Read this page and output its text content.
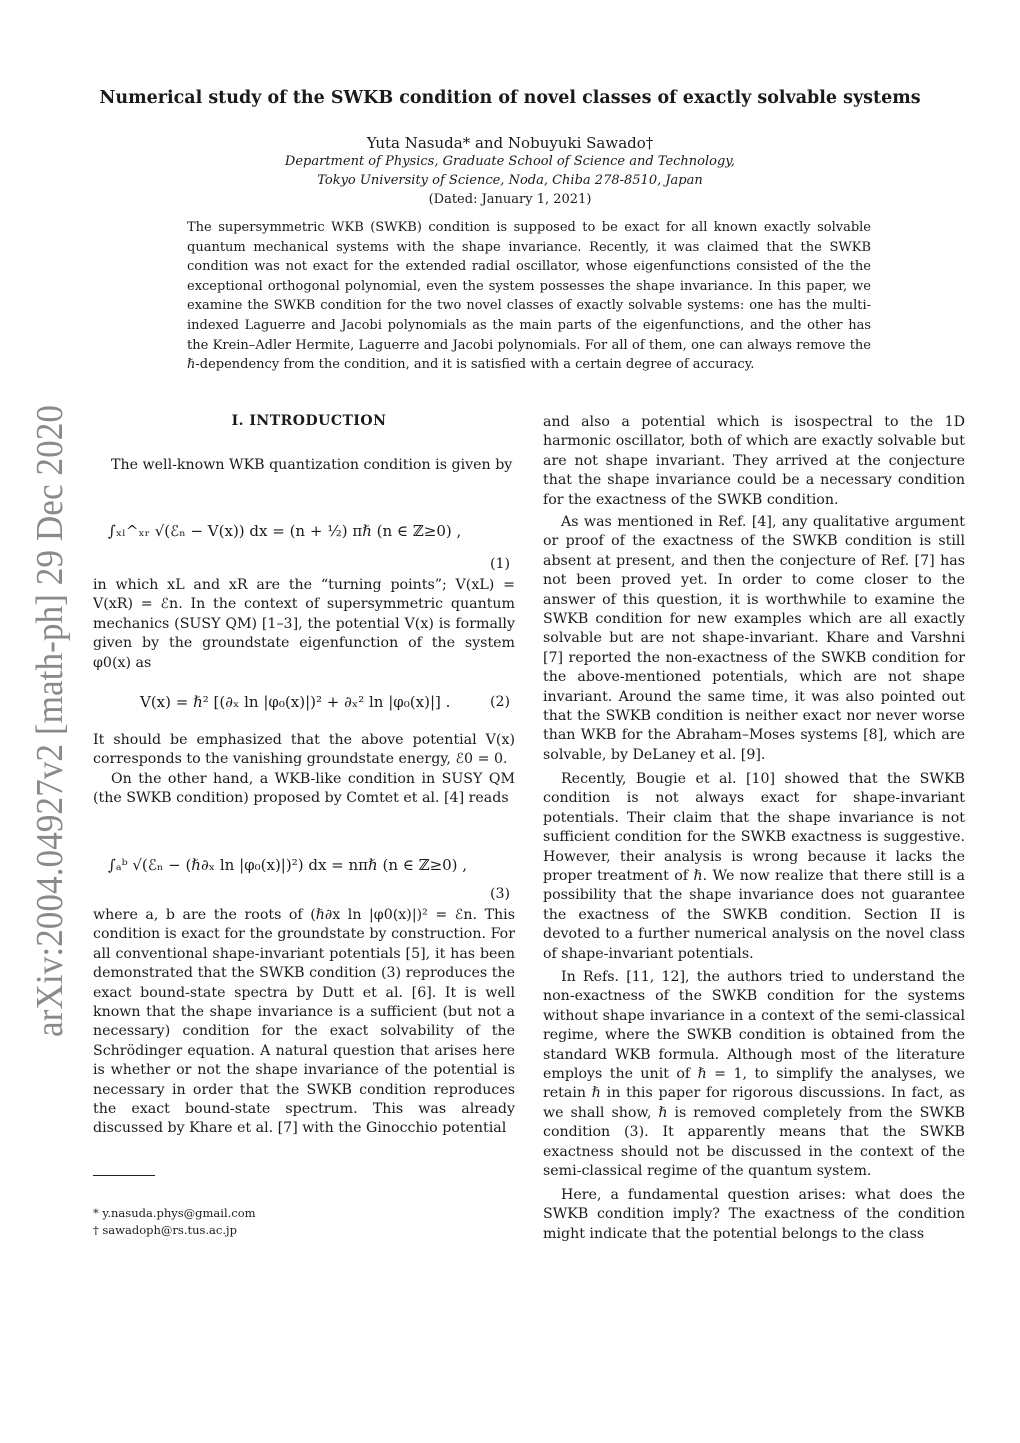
Numerical study of the SWKB condition of novel classes of exactly solvable systems
Yuta Nasuda* and Nobuyuki Sawado†
Department of Physics, Graduate School of Science and Technology,
Tokyo University of Science, Noda, Chiba 278-8510, Japan
(Dated: January 1, 2021)
The supersymmetric WKB (SWKB) condition is supposed to be exact for all known exactly solvable quantum mechanical systems with the shape invariance. Recently, it was claimed that the SWKB condition was not exact for the extended radial oscillator, whose eigenfunctions consisted of the the exceptional orthogonal polynomial, even the system possesses the shape invariance. In this paper, we examine the SWKB condition for the two novel classes of exactly solvable systems: one has the multi-indexed Laguerre and Jacobi polynomials as the main parts of the eigenfunctions, and the other has the Krein–Adler Hermite, Laguerre and Jacobi polynomials. For all of them, one can always remove the ℏ-dependency from the condition, and it is satisfied with a certain degree of accuracy.
arXiv:2004.04927v2 [math-ph] 29 Dec 2020	I. INTRODUCTION
The well-known WKB quantization condition is given by
∫ₓₗ^ₓᵣ √(ℰₙ − V(x)) dx = (n + ½) πℏ (n ∈ ℤ≥0) ,
(1)
in which xL and xR are the “turning points”; V(xL) = V(xR) = ℰn. In the context of supersymmetric quantum mechanics (SUSY QM) [1–3], the potential V(x) is formally given by the groundstate eigenfunction of the system φ0(x) as
V(x) = ℏ² [(∂ₓ ln |φ₀(x)|)² + ∂ₓ² ln |φ₀(x)|] .	(2)
It should be emphasized that the above potential V(x) corresponds to the vanishing groundstate energy, ℰ0 = 0.
On the other hand, a WKB-like condition in SUSY QM (the SWKB condition) proposed by Comtet et al. [4] reads
∫ₐᵇ √(ℰₙ − (ℏ∂ₓ ln |φ₀(x)|)²) dx = nπℏ (n ∈ ℤ≥0) ,
(3)
where a, b are the roots of (ℏ∂x ln |φ0(x)|)² = ℰn. This condition is exact for the groundstate by construction. For all conventional shape-invariant potentials [5], it has been demonstrated that the SWKB condition (3) reproduces the exact bound-state spectra by Dutt et al. [6]. It is well known that the shape invariance is a sufficient (but not a necessary) condition for the exact solvability of the Schrödinger equation. A natural question that arises here is whether or not the shape invariance of the potential is necessary in order that the SWKB condition reproduces the exact bound-state spectrum. This was already discussed by Khare et al. [7] with the Ginocchio potential
* y.nasuda.phys@gmail.com
† sawadoph@rs.tus.ac.jp
and also a potential which is isospectral to the 1D harmonic oscillator, both of which are exactly solvable but are not shape invariant. They arrived at the conjecture that the shape invariance could be a necessary condition for the exactness of the SWKB condition.
As was mentioned in Ref. [4], any qualitative argument or proof of the exactness of the SWKB condition is still absent at present, and then the conjecture of Ref. [7] has not been proved yet. In order to come closer to the answer of this question, it is worthwhile to examine the SWKB condition for new examples which are all exactly solvable but are not shape-invariant. Khare and Varshni [7] reported the non-exactness of the SWKB condition for the above-mentioned potentials, which are not shape invariant. Around the same time, it was also pointed out that the SWKB condition is neither exact nor never worse than WKB for the Abraham–Moses systems [8], which are solvable, by DeLaney et al. [9].
Recently, Bougie et al. [10] showed that the SWKB condition is not always exact for shape-invariant potentials. Their claim that the shape invariance is not sufficient condition for the SWKB exactness is suggestive. However, their analysis is wrong because it lacks the proper treatment of ℏ. We now realize that there still is a possibility that the shape invariance does not guarantee the exactness of the SWKB condition. Section II is devoted to a further numerical analysis on the novel class of shape-invariant potentials.
In Refs. [11, 12], the authors tried to understand the non-exactness of the SWKB condition for the systems without shape invariance in a context of the semi-classical regime, where the SWKB condition is obtained from the standard WKB formula. Although most of the literature employs the unit of ℏ = 1, to simplify the analyses, we retain ℏ in this paper for rigorous discussions. In fact, as we shall show, ℏ is removed completely from the SWKB condition (3). It apparently means that the SWKB exactness should not be discussed in the context of the semi-classical regime of the quantum system.
Here, a fundamental question arises: what does the SWKB condition imply? The exactness of the condition might indicate that the potential belongs to the class
